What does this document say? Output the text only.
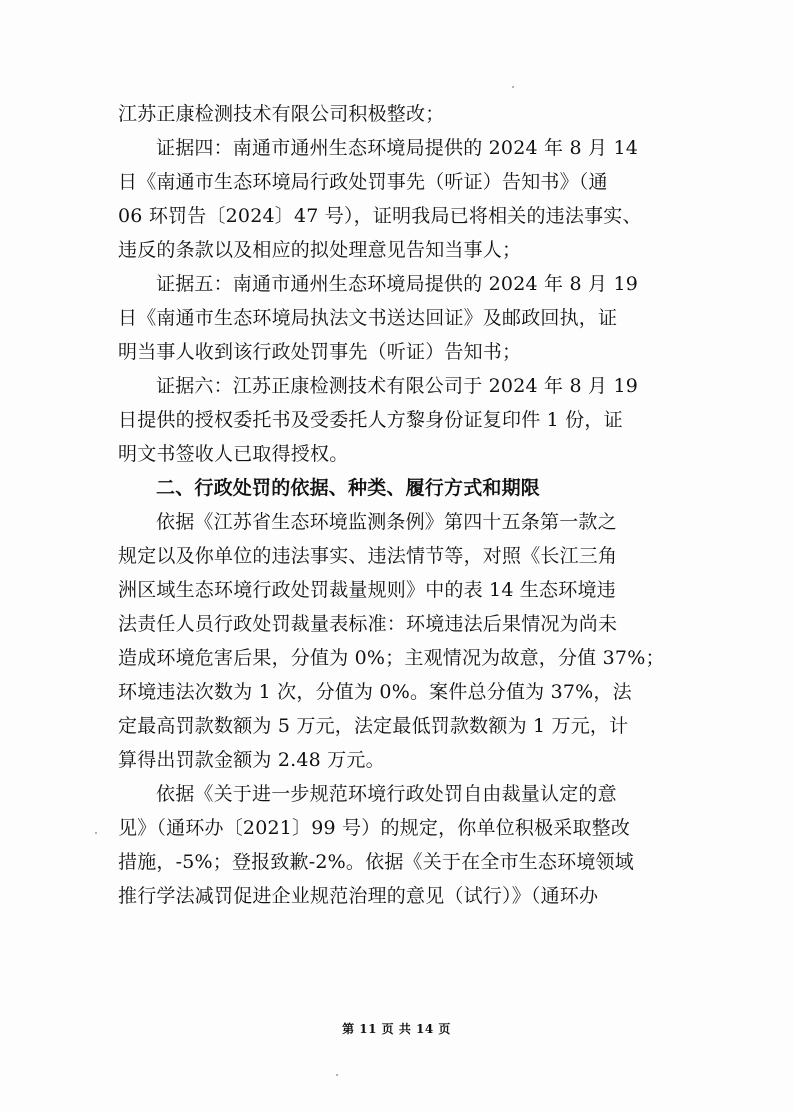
江苏正康检测技术有限公司积极整改；

证据四：南通市通州生态环境局提供的 2024 年 8 月 14

日《南通市生态环境局行政处罚事先（听证）告知书》（通

06 环罚告〔2024〕47 号），证明我局已将相关的违法事实、

违反的条款以及相应的拟处理意见告知当事人；

证据五：南通市通州生态环境局提供的 2024 年 8 月 19

日《南通市生态环境局执法文书送达回证》及邮政回执，证

明当事人收到该行政处罚事先（听证）告知书；

证据六：江苏正康检测技术有限公司于 2024 年 8 月 19

日提供的授权委托书及受委托人方黎身份证复印件 1 份，证

明文书签收人已取得授权。

二、行政处罚的依据、种类、履行方式和期限

依据《江苏省生态环境监测条例》第四十五条第一款之

规定以及你单位的违法事实、违法情节等，对照《长江三角

洲区域生态环境行政处罚裁量规则》中的表 14 生态环境违

法责任人员行政处罚裁量表标准：环境违法后果情况为尚未

造成环境危害后果，分值为 0%；主观情况为故意，分值 37%；

环境违法次数为 1 次，分值为 0%。案件总分值为 37%，法

定最高罚款数额为 5 万元，法定最低罚款数额为 1 万元，计

算得出罚款金额为 2.48 万元。

依据《关于进一步规范环境行政处罚自由裁量认定的意

见》（通环办〔2021〕99 号）的规定，你单位积极采取整改

措施，-5%；登报致歉-2%。依据《关于在全市生态环境领域

推行学法减罚促进企业规范治理的意见（试行）》（通环办

第 11 页 共 14 页
